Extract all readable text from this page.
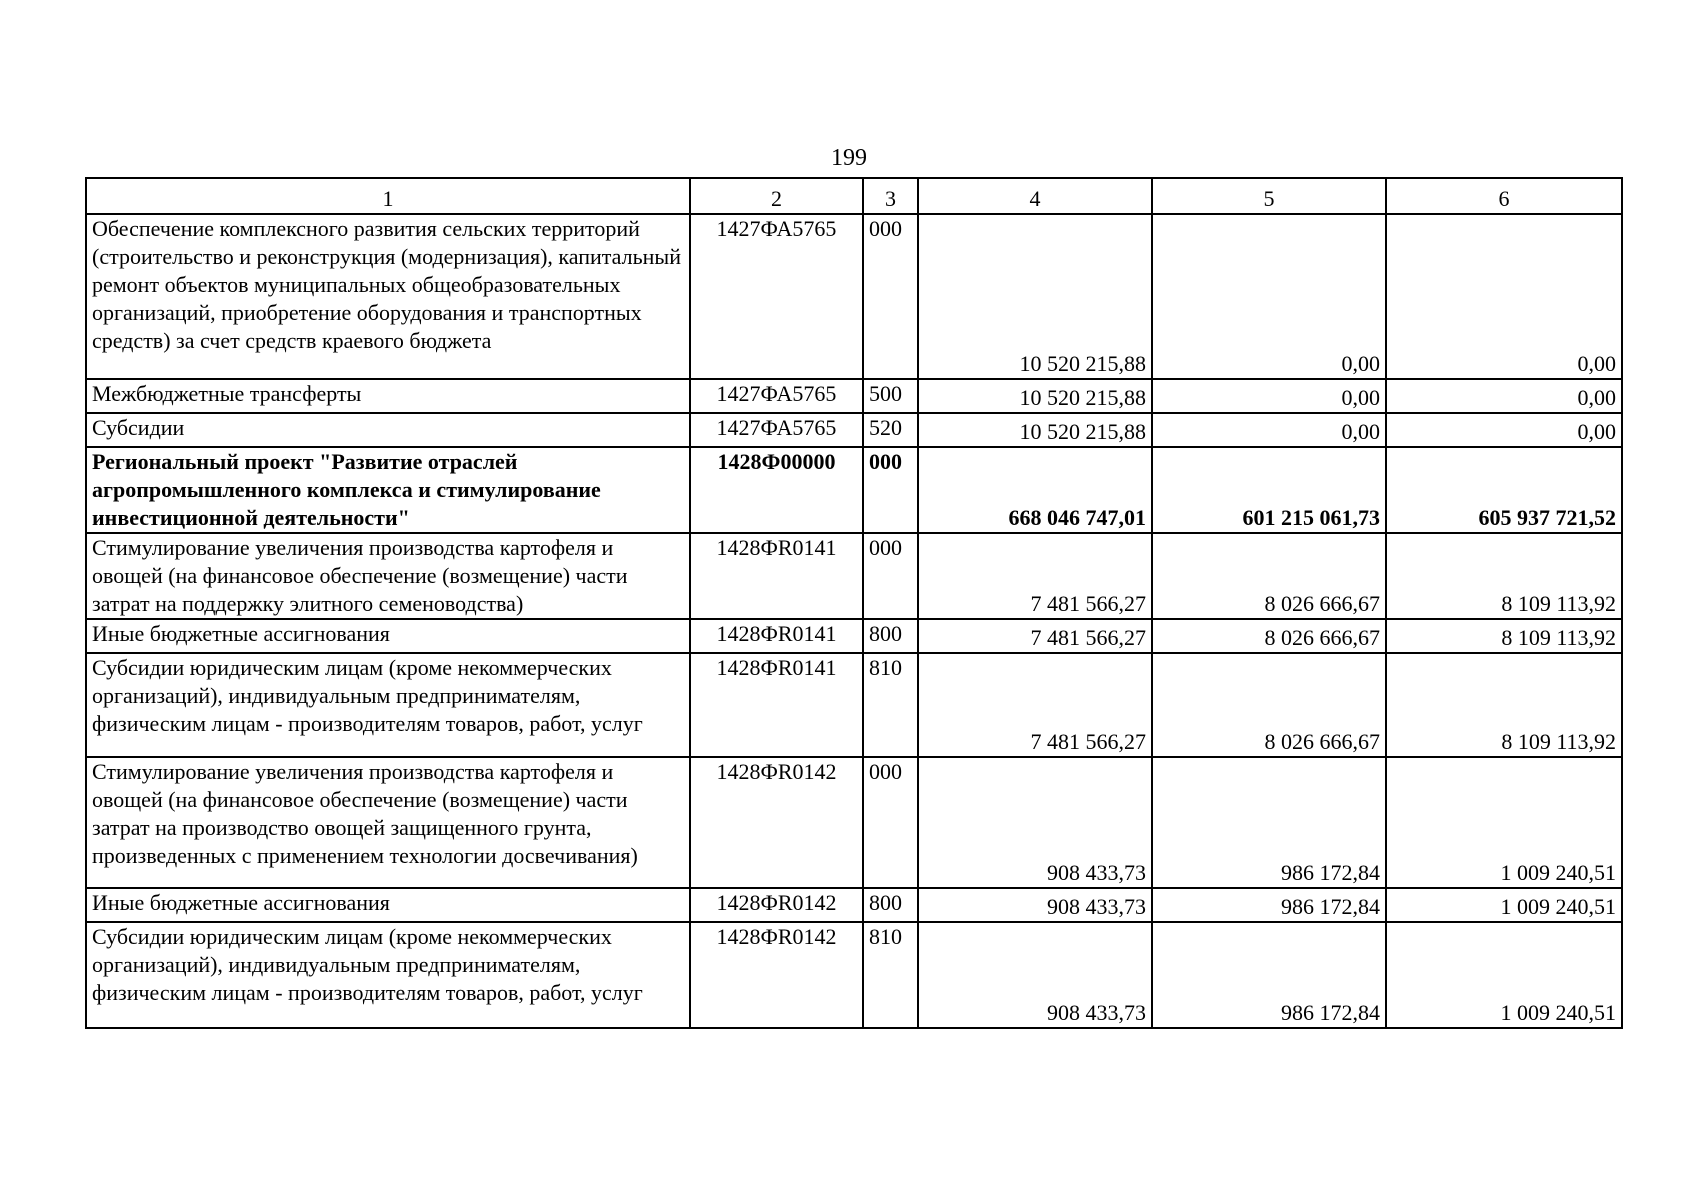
199
1	2	3	4	5	6
Обеспечение комплексного развития сельских территорий (строительство и реконструкция (модернизация), капитальный ремонт объектов муниципальных общеобразовательных организаций, приобретение оборудования и транспортных средств) за счет средств краевого бюджета	1427ФА5765	000	10 520 215,88	0,00	0,00
Межбюджетные трансферты	1427ФА5765	500	10 520 215,88	0,00	0,00
Субсидии	1427ФА5765	520	10 520 215,88	0,00	0,00
Региональный проект "Развитие отраслей агропромышленного комплекса и стимулирование инвестиционной деятельности"	1428Ф00000	000	668 046 747,01	601 215 061,73	605 937 721,52
Стимулирование увеличения производства картофеля и овощей (на финансовое обеспечение (возмещение) части затрат на поддержку элитного семеноводства)	1428ФR0141	000	7 481 566,27	8 026 666,67	8 109 113,92
Иные бюджетные ассигнования	1428ФR0141	800	7 481 566,27	8 026 666,67	8 109 113,92
Субсидии юридическим лицам (кроме некоммерческих организаций), индивидуальным предпринимателям, физическим лицам - производителям товаров, работ, услуг	1428ФR0141	810	7 481 566,27	8 026 666,67	8 109 113,92
Стимулирование увеличения производства картофеля и овощей (на финансовое обеспечение (возмещение) части затрат на производство овощей защищенного грунта, произведенных с применением технологии досвечивания)	1428ФR0142	000	908 433,73	986 172,84	1 009 240,51
Иные бюджетные ассигнования	1428ФR0142	800	908 433,73	986 172,84	1 009 240,51
Субсидии юридическим лицам (кроме некоммерческих организаций), индивидуальным предпринимателям, физическим лицам - производителям товаров, работ, услуг	1428ФR0142	810	908 433,73	986 172,84	1 009 240,51
